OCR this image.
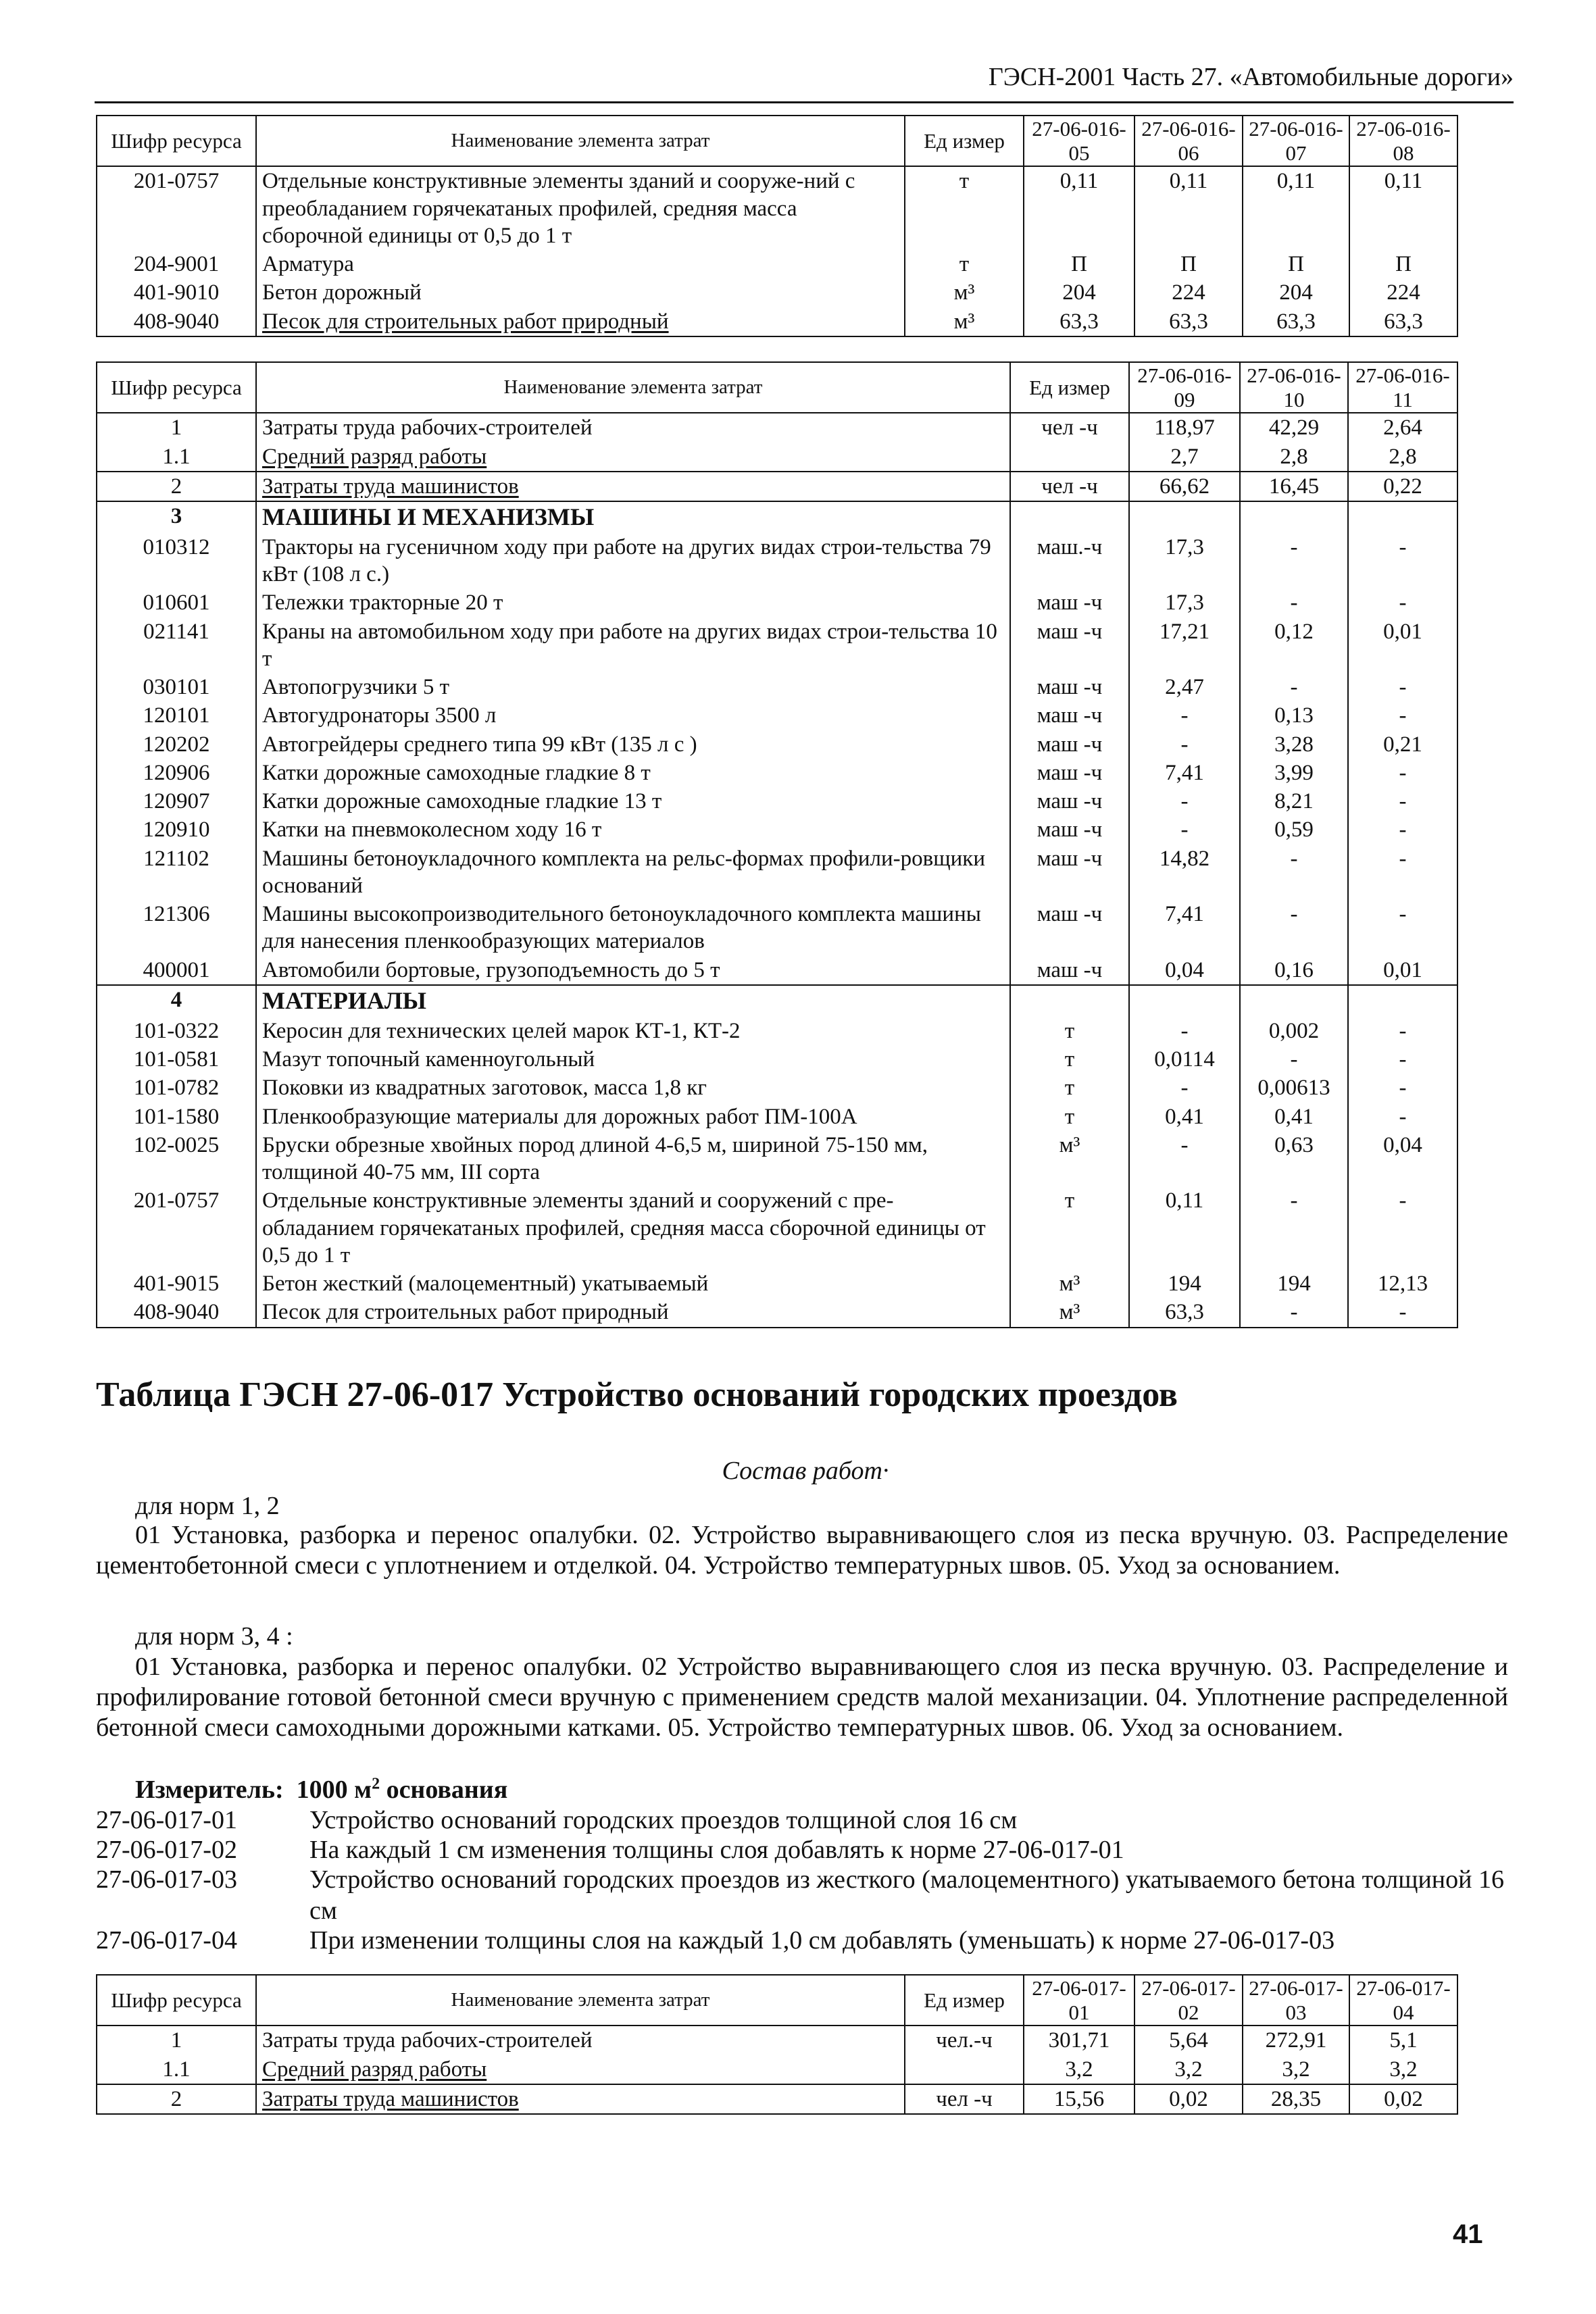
ГЭСН-2001 Часть 27. «Автомобильные дороги»
Шифр ресурса	Наименование элемента затрат	Ед измер	27-06-016-05	27-06-016-06	27-06-016-07	27-06-016-08
201-0757	Отдельные конструктивные элементы зданий и сооруже-ний с преобладанием горячекатаных профилей, средняя масса сборочной единицы от 0,5 до 1 т	т	0,11	0,11	0,11	0,11
204-9001	Арматура	т	П	П	П	П
401-9010	Бетон дорожный	м³	204	224	204	224
408-9040	Песок для строительных работ природный	м³	63,3	63,3	63,3	63,3
Шифр ресурса	Наименование элемента затрат	Ед измер	27-06-016-09	27-06-016-10	27-06-016-11
1	Затраты труда рабочих-строителей	чел -ч	118,97	42,29	2,64
1.1	Средний разряд работы		2,7	2,8	2,8
2	Затраты труда машинистов	чел -ч	66,62	16,45	0,22
3	МАШИНЫ И МЕХАНИЗМЫ				
010312	Тракторы на гусеничном ходу при работе на других видах строи-тельства 79 кВт (108 л с.)	маш.-ч	17,3	-	-
010601	Тележки тракторные 20 т	маш -ч	17,3	-	-
021141	Краны на автомобильном ходу при работе на других видах строи-тельства 10 т	маш -ч	17,21	0,12	0,01
030101	Автопогрузчики 5 т	маш -ч	2,47	-	-
120101	Автогудронаторы 3500 л	маш -ч	-	0,13	-
120202	Автогрейдеры среднего типа 99 кВт (135 л с )	маш -ч	-	3,28	0,21
120906	Катки дорожные самоходные гладкие 8 т	маш -ч	7,41	3,99	-
120907	Катки дорожные самоходные гладкие 13 т	маш -ч	-	8,21	-
120910	Катки на пневмоколесном ходу 16 т	маш -ч	-	0,59	-
121102	Машины бетоноукладочного комплекта на рельс-формах профили-ровщики оснований	маш -ч	14,82	-	-
121306	Машины высокопроизводительного бетоноукладочного комплекта машины для нанесения пленкообразующих материалов	маш -ч	7,41	-	-
400001	Автомобили бортовые, грузоподъемность до 5 т	маш -ч	0,04	0,16	0,01
4	МАТЕРИАЛЫ				
101-0322	Керосин для технических целей марок КТ-1, КТ-2	т	-	0,002	-
101-0581	Мазут топочный каменноугольный	т	0,0114	-	-
101-0782	Поковки из квадратных заготовок, масса 1,8 кг	т	-	0,00613	-
101-1580	Пленкообразующие материалы для дорожных работ ПМ-100А	т	0,41	0,41	-
102-0025	Бруски обрезные хвойных пород длиной 4-6,5 м, шириной 75-150 мм, толщиной 40-75 мм, III сорта	м³	-	0,63	0,04
201-0757	Отдельные конструктивные элементы зданий и сооружений с пре-обладанием горячекатаных профилей, средняя масса сборочной единицы от 0,5 до 1 т	т	0,11	-	-
401-9015	Бетон жесткий (малоцементный) укатываемый	м³	194	194	12,13
408-9040	Песок для строительных работ природный	м³	63,3	-	-
Таблица ГЭСН 27-06-017 Устройство оснований городских проездов
Состав работ·
для норм 1, 2
01 Установка, разборка и перенос опалубки. 02. Устройство выравнивающего слоя из песка вручную. 03. Распределение цементобетонной смеси с уплотнением и отделкой. 04. Устройство температурных швов. 05. Уход за основанием.
для норм 3, 4 :
01 Установка, разборка и перенос опалубки. 02 Устройство выравнивающего слоя из песка вручную. 03. Распределение и профилирование готовой бетонной смеси вручную с применением средств малой механизации. 04. Уплотнение распределенной бетонной смеси самоходными дорожными катками. 05. Устройство температурных швов. 06. Уход за основанием.
Измеритель: 1000 $м^2$ основания
27-06-017-01	Устройство оснований городских проездов толщиной слоя 16 см
27-06-017-02	На каждый 1 см изменения толщины слоя добавлять к норме 27-06-017-01
27-06-017-03	Устройство оснований городских проездов из жесткого (малоцементного) укатываемого бетона толщиной 16 см
27-06-017-04	При изменении толщины слоя на каждый 1,0 см добавлять (уменьшать) к норме 27-06-017-03
Шифр ресурса	Наименование элемента затрат	Ед измер	27-06-017-01	27-06-017-02	27-06-017-03	27-06-017-04
1	Затраты труда рабочих-строителей	чел.-ч	301,71	5,64	272,91	5,1
1.1	Средний разряд работы		3,2	3,2	3,2	3,2
2	Затраты труда машинистов	чел -ч	15,56	0,02	28,35	0,02
41
